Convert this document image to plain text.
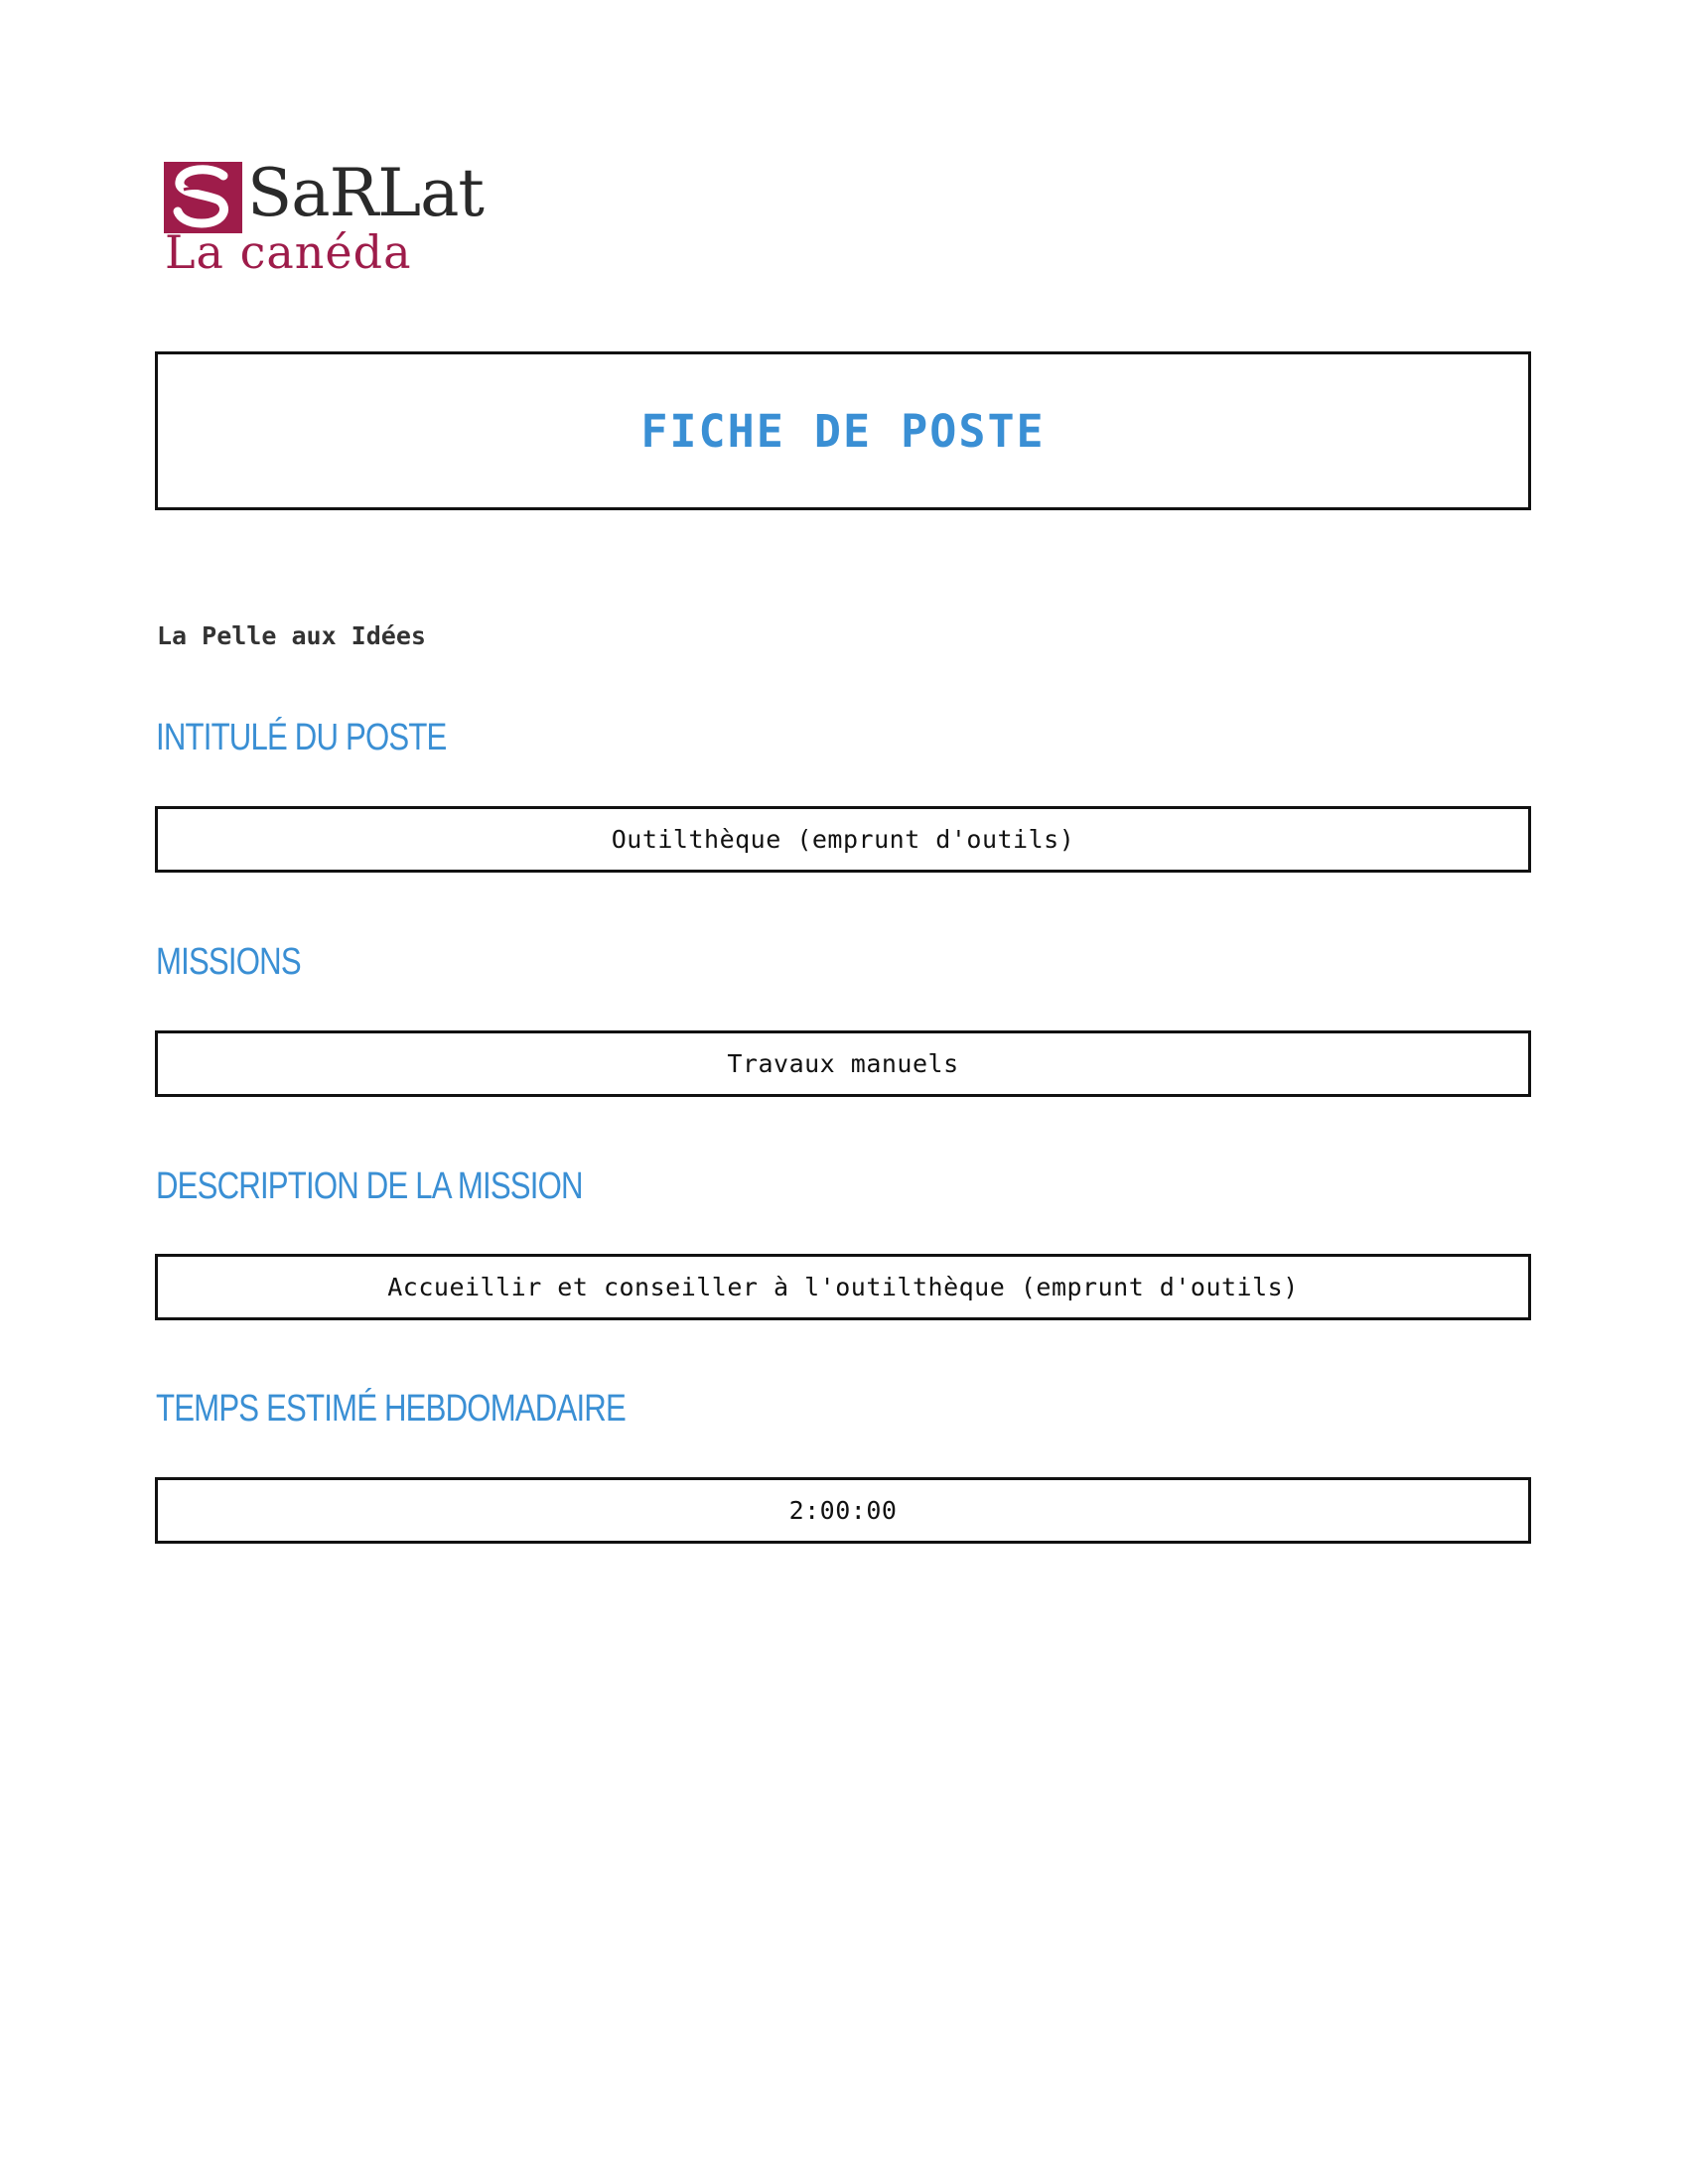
SaRLat
La canéda
FICHE DE POSTE
La Pelle aux Idées
INTITULÉ DU POSTE
Outilthèque (emprunt d'outils)
MISSIONS
Travaux manuels
DESCRIPTION DE LA MISSION
Accueillir et conseiller à l'outilthèque (emprunt d'outils)
TEMPS ESTIMÉ HEBDOMADAIRE
2:00:00
